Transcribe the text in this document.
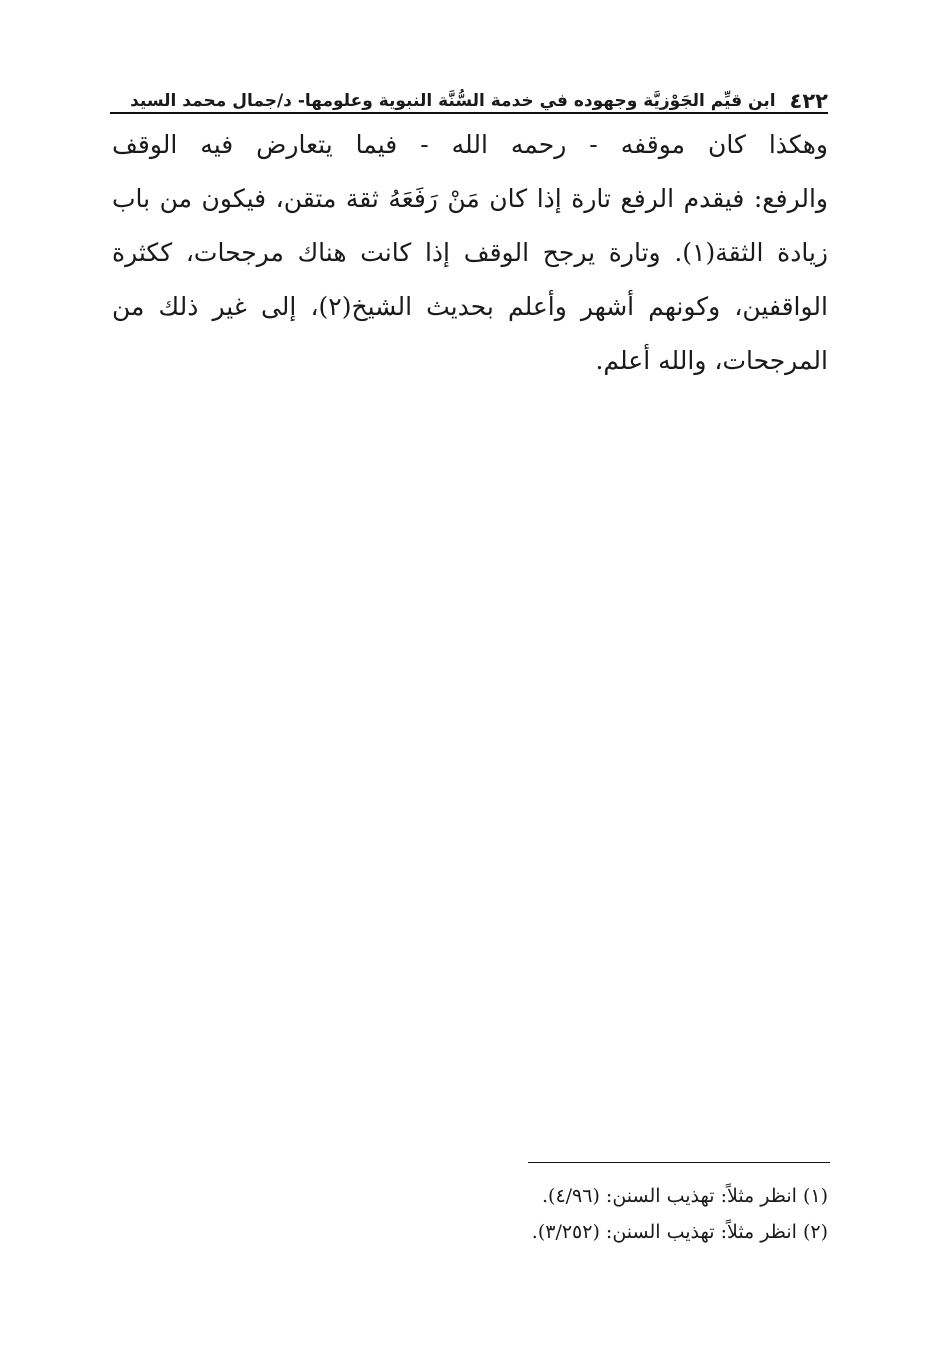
٤٢٢
ابن قيِّم الجَوْزِيَّة وجهوده في خدمة السُّنَّة النبوية وعلومها- د/جمال محمد السيد
وهكذا كان موقفه - رحمه الله - فيما يتعارض فيه الوقف
والرفع: فيقدم الرفع تارة إذا كان مَنْ رَفَعَهُ ثقة متقن، فيكون من باب
زيادة الثقة(١). وتارة يرجح الوقف إذا كانت هناك مرجحات، ككثرة
الواقفين، وكونهم أشهر وأعلم بحديث الشيخ(٢)، إلى غير ذلك من
المرجحات، والله أعلم.
(١) انظر مثلاً: تهذيب السنن: (٤/٩٦).
(٢) انظر مثلاً: تهذيب السنن: (٣/٢٥٢).
